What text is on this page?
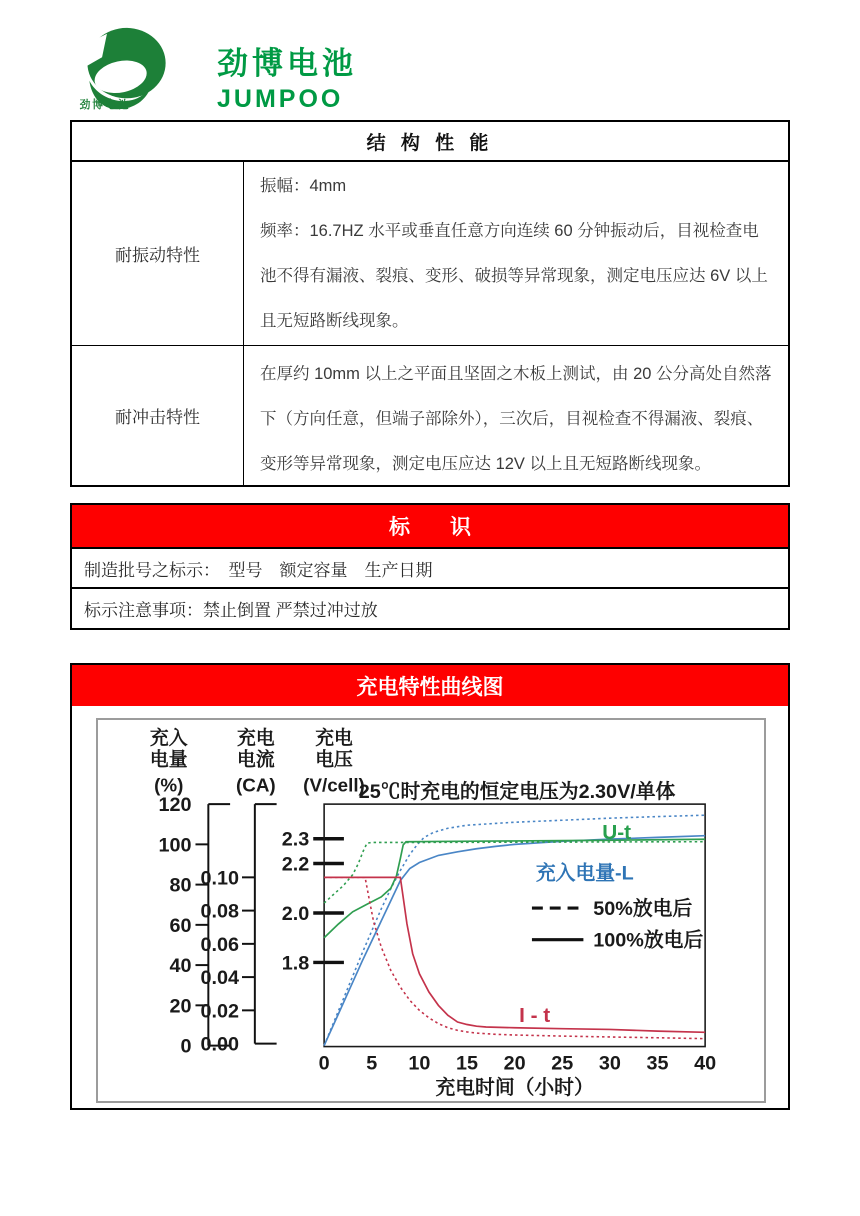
劲博电池
劲博电池
JUMPOO
结 构 性 能
耐振动特性

振幅：4mm

频率：16.7HZ 水平或垂直任意方向连续 60 分钟振动后，目视检查电池不得有漏液、裂痕、变形、破损等异常现象，测定电压应达 6V 以上且无短路断线现象。

耐冲击特性

在厚约 10mm 以上之平面且坚固之木板上测试，由 20 公分高处自然落下（方向任意，但端子部除外），三次后，目视检查不得漏液、裂痕、变形等异常现象，测定电压应达 12V 以上且无短路断线现象。

标识
制造批号之标示：　型号　额定容量　生产日期
标示注意事项：禁止倒置 严禁过冲过放
充电特性曲线图
充入
电量
(%)
充电
电流
(CA)
充电
电压
(V/cell)
120
100
80
60
40
20
0
0.10
0.08
0.06
0.04
0.02
0.00
2.3
2.2
2.0
1.8
25℃时充电的恒定电压为2.30V/单体
0 5 10 15 20 25 30 35 40
充电时间（小时）
U-t
充入电量-L
I - t
50%放电后
100%放电后
